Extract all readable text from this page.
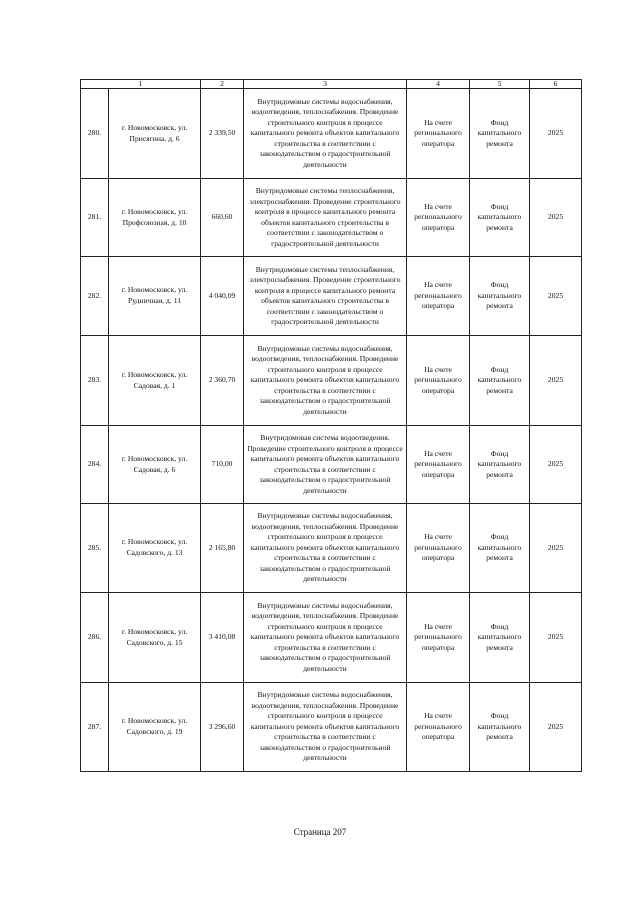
1		2	3	4	5	6
280.	г. Новомосковск, ул. Присягина, д. 6	2 339,50	Внутридомовые системы водоснабжения, водоотведения, теплоснабжения. Проведение строительного контроля в процессе капитального ремонта объектов капитального строительства в соответствии с законодательством о градостроительной деятельности	На счете регионального оператора	Фонд капитального ремонта	2025
281.	г. Новомосковск, ул. Профсоюзная, д. 10	660,60	Внутридомовые системы теплоснабжения, электроснабжения. Проведение строительного контроля в процессе капитального ремонта объектов капитального строительства в соответствии с законодательством о градостроительной деятельности	На счете регионального оператора	Фонд капитального ремонта	2025
282.	г. Новомосковск, ул. Рудничная, д. 11	4 040,09	Внутридомовые системы теплоснабжения, электроснабжения. Проведение строительного контроля в процессе капитального ремонта объектов капитального строительства в соответствии с законодательством о градостроительной деятельности	На счете регионального оператора	Фонд капитального ремонта	2025
283.	г. Новомосковск, ул. Садовая, д. 1	2 360,70	Внутридомовые системы водоснабжения, водоотведения, теплоснабжения. Проведение строительного контроля в процессе капитального ремонта объектов капитального строительства в соответствии с законодательством о градостроительной деятельности	На счете регионального оператора	Фонд капитального ремонта	2025
284.	г. Новомосковск, ул. Садовая, д. 6	710,00	Внутридомовая система водоотведения. Проведение строительного контроля в процессе капитального ремонта объектов капитального строительства в соответствии с законодательством о градостроительной деятельности	На счете регионального оператора	Фонд капитального ремонта	2025
285.	г. Новомосковск, ул. Садовского, д. 13	2 165,80	Внутридомовые системы водоснабжения, водоотведения, теплоснабжения. Проведение строительного контроля в процессе капитального ремонта объектов капитального строительства в соответствии с законодательством о градостроительной деятельности	На счете регионального оператора	Фонд капитального ремонта	2025
286.	г. Новомосковск, ул. Садовского, д. 15	3 410,08	Внутридомовые системы водоснабжения, водоотведения, теплоснабжения. Проведение строительного контроля в процессе капитального ремонта объектов капитального строительства в соответствии с законодательством о градостроительной деятельности	На счете регионального оператора	Фонд капитального ремонта	2025
287.	г. Новомосковск, ул. Садовского, д. 19	3 296,60	Внутридомовые системы водоснабжения, водоотведения, теплоснабжения. Проведение строительного контроля в процессе капитального ремонта объектов капитального строительства в соответствии с законодательством о градостроительной деятельности	На счете регионального оператора	Фонд капитального ремонта	2025
Страница 207
